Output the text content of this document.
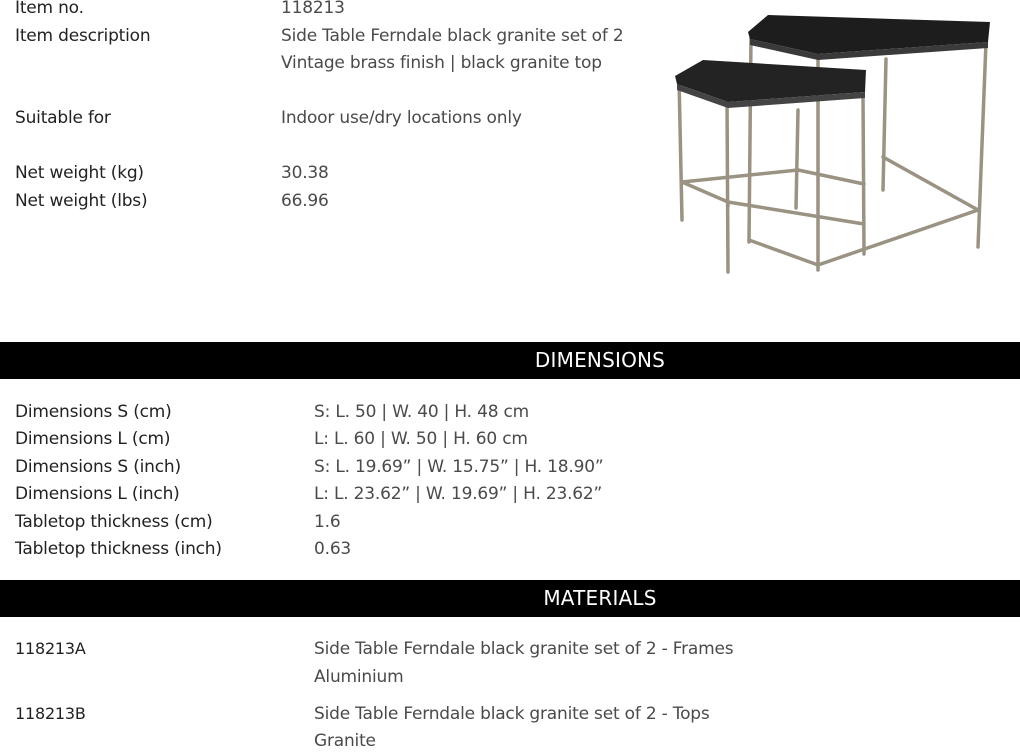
Item no.	118213
Item description	Side Table Ferndale black granite set of 2
Vintage brass finish | black granite top
Suitable for	Indoor use/dry locations only
Net weight (kg)	30.38
Net weight (lbs)	66.96
DIMENSIONS
Dimensions S (cm)	S: L. 50 | W. 40 | H. 48 cm
Dimensions L (cm)	L: L. 60 | W. 50 | H. 60 cm
Dimensions S (inch)	S: L. 19.69” | W. 15.75” | H. 18.90”
Dimensions L (inch)	L: L. 23.62” | W. 19.69” | H. 23.62”
Tabletop thickness (cm)	1.6
Tabletop thickness (inch)	0.63
MATERIALS
118213A	Side Table Ferndale black granite set of 2 - Frames
Aluminium
118213B	Side Table Ferndale black granite set of 2 - Tops
Granite
